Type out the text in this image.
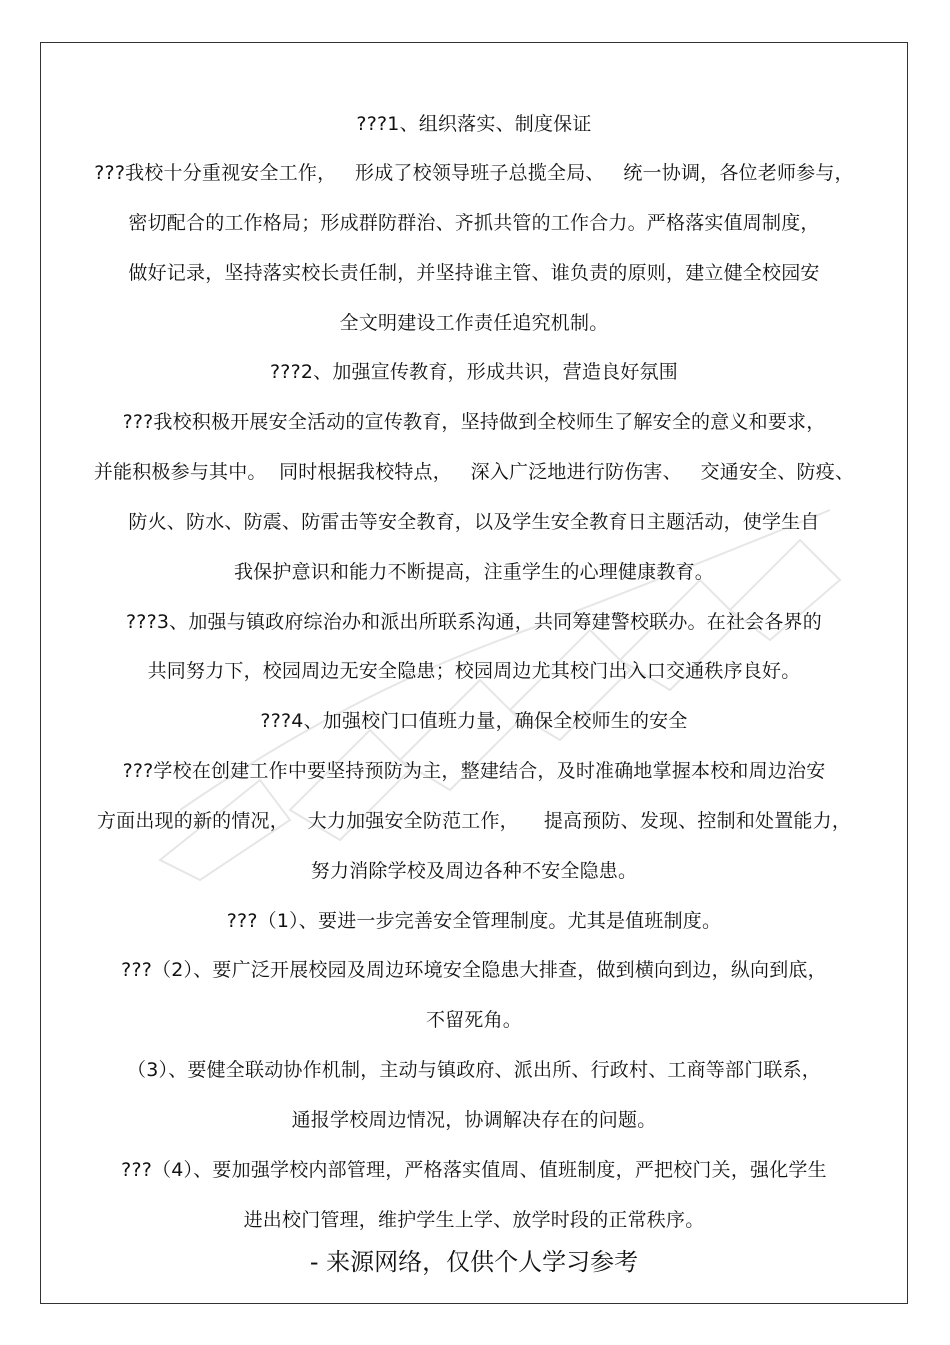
???1、组织落实、制度保证
???我校十分重视安全工作，   形成了校领导班子总揽全局、   统一协调，各位老师参与，
密切配合的工作格局；形成群防群治、齐抓共管的工作合力。严格落实值周制度，
做好记录，坚持落实校长责任制，并坚持谁主管、谁负责的原则，建立健全校园安
全文明建设工作责任追究机制。
???2、加强宣传教育，形成共识，营造良好氛围
???我校积极开展安全活动的宣传教育，坚持做到全校师生了解安全的意义和要求，
并能积极参与其中。  同时根据我校特点，   深入广泛地进行防伤害、   交通安全、防疫、
防火、防水、防震、防雷击等安全教育，以及学生安全教育日主题活动，使学生自
我保护意识和能力不断提高，注重学生的心理健康教育。
???3、加强与镇政府综治办和派出所联系沟通，共同筹建警校联办。在社会各界的
共同努力下，校园周边无安全隐患；校园周边尤其校门出入口交通秩序良好。
???4、加强校门口值班力量，确保全校师生的安全
???学校在创建工作中要坚持预防为主，整建结合，及时准确地掌握本校和周边治安
方面出现的新的情况，   大力加强安全防范工作，    提高预防、发现、控制和处置能力，
努力消除学校及周边各种不安全隐患。
???（1）、要进一步完善安全管理制度。尤其是值班制度。
???（2）、要广泛开展校园及周边环境安全隐患大排查，做到横向到边，纵向到底，
不留死角。
（3）、要健全联动协作机制，主动与镇政府、派出所、行政村、工商等部门联系，
通报学校周边情况，协调解决存在的问题。
???（4）、要加强学校内部管理，严格落实值周、值班制度，严把校门关，强化学生
进出校门管理，维护学生上学、放学时段的正常秩序。
- 来源网络，仅供个人学习参考
